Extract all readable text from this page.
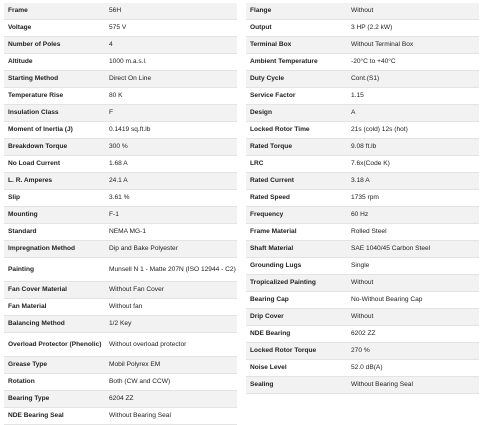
Frame	56H
Voltage	575 V
Number of Poles	4
Altitude	1000 m.a.s.l.
Starting Method	Direct On Line
Temperature Rise	80 K
Insulation Class	F
Moment of Inertia (J)	0.1419 sq.ft.lb
Breakdown Torque	300 %
No Load Current	1.68 A
L. R. Amperes	24.1 A
Slip	3.61 %
Mounting	F-1
Standard	NEMA MG-1
Impregnation Method	Dip and Bake Polyester
Painting	Munsell N 1 - Matte 207N (ISO 12944 - C2)
Fan Cover Material	Without Fan Cover
Fan Material	Without fan
Balancing Method	1/2 Key
Overload Protector (Phenolic)	Without overload protector
Grease Type	Mobil Polyrex EM
Rotation	Both (CW and CCW)
Bearing Type	6204 ZZ
NDE Bearing Seal	Without Bearing Seal
Flange	Without
Output	3 HP (2.2 kW)
Terminal Box	Without Terminal Box
Ambient Temperature	-20°C to +40°C
Duty Cycle	Cont.(S1)
Service Factor	1.15
Design	A
Locked Rotor Time	21s (cold) 12s (hot)
Rated Torque	9.08 ft.lb
LRC	7.6x(Code K)
Rated Current	3.18 A
Rated Speed	1735 rpm
Frequency	60 Hz
Frame Material	Rolled Steel
Shaft Material	SAE 1040/45 Carbon Steel
Grounding Lugs	Single
Tropicalized Painting	Without
Bearing Cap	No-Without Bearing Cap
Drip Cover	Without
NDE Bearing	6202 ZZ
Locked Rotor Torque	270 %
Noise Level	52.0 dB(A)
Sealing	Without Bearing Seal
